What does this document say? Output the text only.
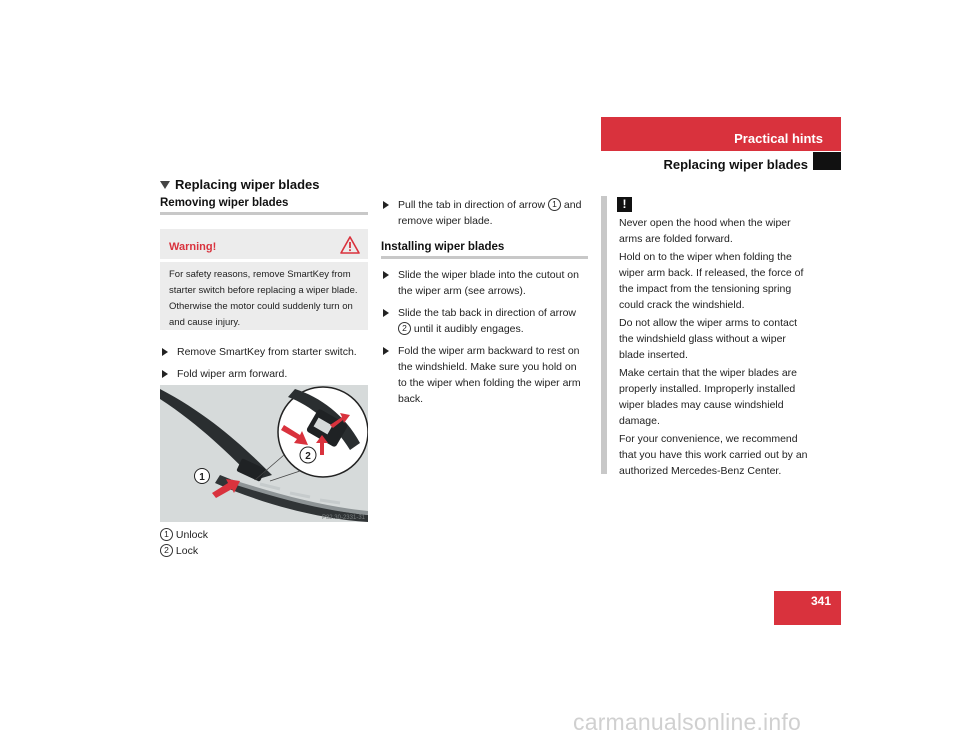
Practical hints
Replacing wiper blades
Replacing wiper blades
Removing wiper blades
Warning!
For safety reasons, remove SmartKey from starter switch before replacing a wiper blade. Otherwise the motor could suddenly turn on and cause injury.
Remove SmartKey from starter switch.
Fold wiper arm forward.
1
2
P82.30-2331-31
1 Unlock
2 Lock
Pull the tab in direction of arrow 1 and remove wiper blade.
Installing wiper blades
Slide the wiper blade into the cutout on the wiper arm (see arrows).
Slide the tab back in direction of arrow 2 until it audibly engages.
Fold the wiper arm backward to rest on the windshield. Make sure you hold on to the wiper when folding the wiper arm back.
!

Never open the hood when the wiper arms are folded forward.

Hold on to the wiper when folding the wiper arm back. If released, the force of the impact from the tensioning spring could crack the windshield.

Do not allow the wiper arms to contact the windshield glass without a wiper blade inserted.

Make certain that the wiper blades are properly installed. Improperly installed wiper blades may cause windshield damage.

For your convenience, we recommend that you have this work carried out by an authorized Mercedes-Benz Center.

341
carmanualsonline.info
